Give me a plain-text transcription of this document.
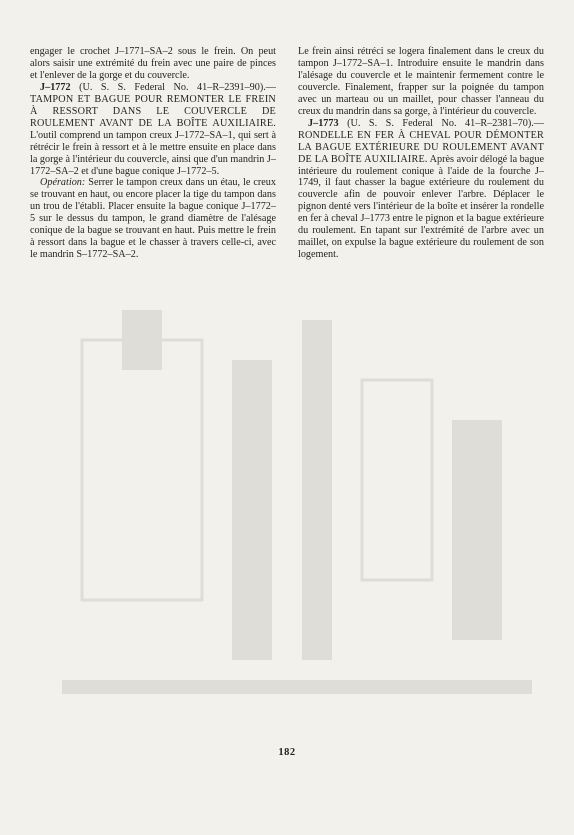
engager le crochet J–1771–SA–2 sous le frein. On peut alors saisir une extrémité du frein avec une paire de pinces et l'enlever de la gorge et du couvercle.

J–1772 (U. S. S. Federal No. 41–R–2391–90).—TAMPON ET BAGUE POUR REMONTER LE FREIN À RESSORT DANS LE COUVERCLE DE ROULEMENT AVANT DE LA BOÎTE AUXILIAIRE. L'outil comprend un tampon creux J–1772–SA–1, qui sert à rétrécir le frein à ressort et à le mettre ensuite en place dans la gorge à l'intérieur du couvercle, ainsi que d'un mandrin J–1772–SA–2 et d'une bague conique J–1772–5.

Opération: Serrer le tampon creux dans un étau, le creux se trouvant en haut, ou encore placer la tige du tampon dans un trou de l'établi. Placer ensuite la bague conique J–1772–5 sur le dessus du tampon, le grand diamètre de l'alésage conique de la bague se trouvant en haut. Puis mettre le frein à ressort dans la bague et le chasser à travers celle-ci, avec le mandrin S–1772–SA–2.

Le frein ainsi rétréci se logera finalement dans le creux du tampon J–1772–SA–1. Introduire ensuite le mandrin dans l'alésage du couvercle et le maintenir fermement contre le couvercle. Finalement, frapper sur la poignée du tampon avec un marteau ou un maillet, pour chasser l'anneau du creux du mandrin dans sa gorge, à l'intérieur du couvercle.

J–1773 (U. S. S. Federal No. 41–R–2381–70).—RONDELLE EN FER À CHEVAL POUR DÉMONTER LA BAGUE EXTÉRIEURE DU ROULEMENT AVANT DE LA BOÎTE AUXILIAIRE. Après avoir délogé la bague intérieure du roulement conique à l'aide de la fourche J–1749, il faut chasser la bague extérieure du roulement du couvercle afin de pouvoir enlever l'arbre. Déplacer le pignon denté vers l'intérieur de la boîte et insérer la rondelle en fer à cheval J–1773 entre le pignon et la bague extérieure du roulement. En tapant sur l'extrémité de l'arbre avec un maillet, on expulse la bague extérieure du roulement de son logement.

182
